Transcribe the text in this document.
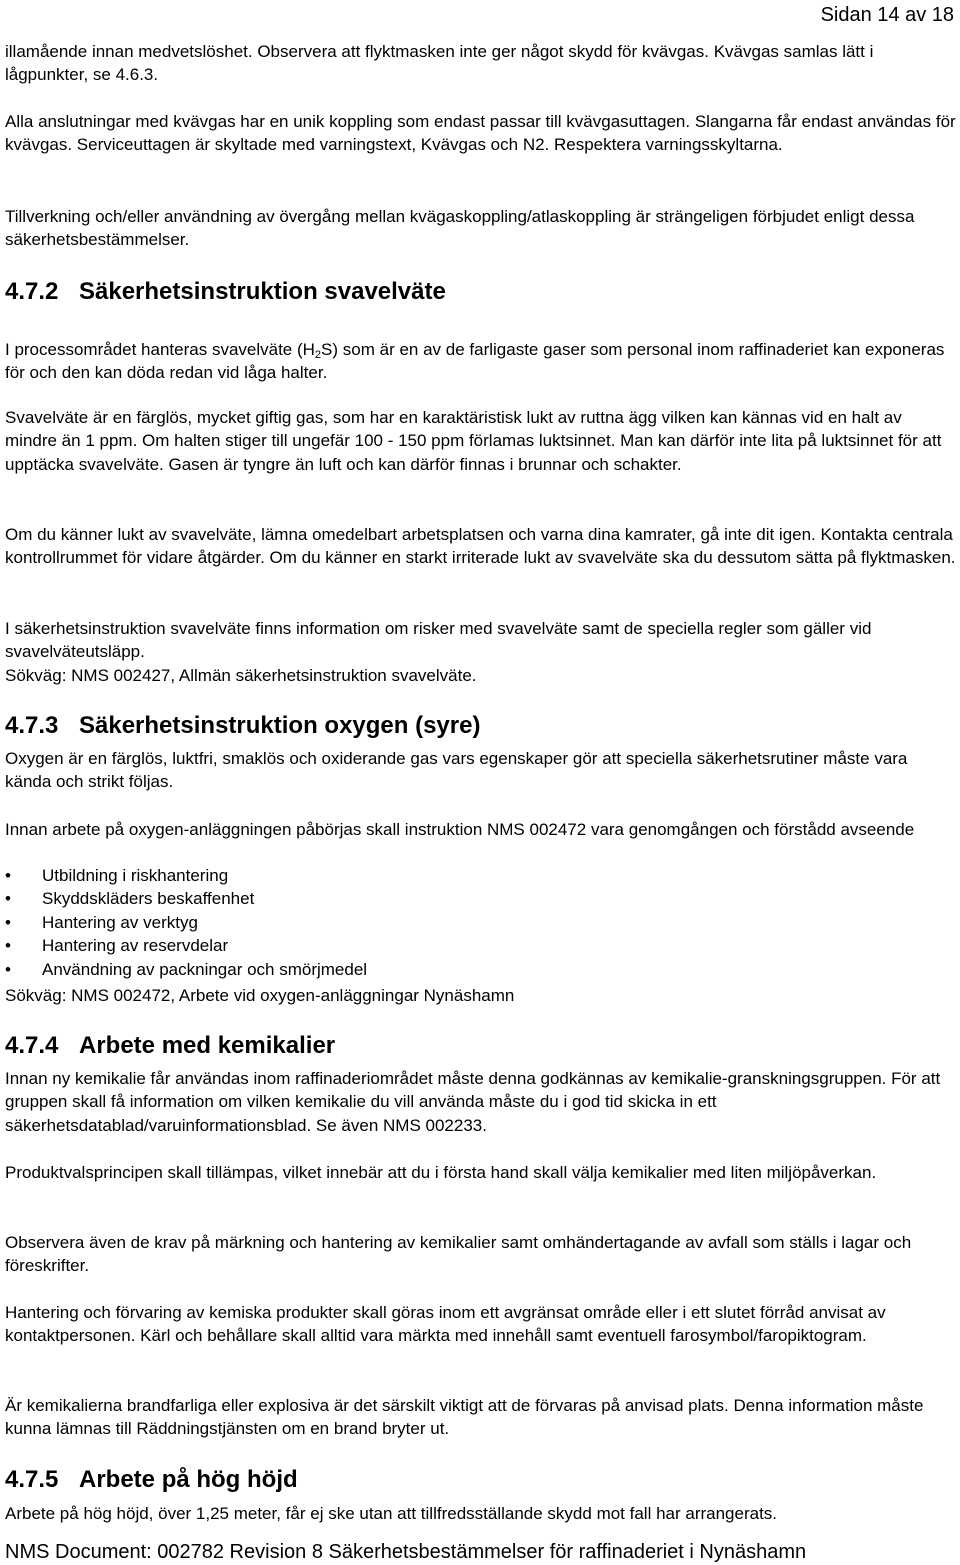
Sidan 14 av 18

illamående innan medvetslöshet. Observera att flyktmasken inte ger något skydd för kvävgas. Kvävgas samlas lätt i lågpunkter, se 4.6.3.

Alla anslutningar med kvävgas har en unik koppling som endast passar till kvävgasuttagen. Slangarna får endast användas för kvävgas. Serviceuttagen är skyltade med varningstext, Kvävgas och N2. Respektera varningsskyltarna.

Tillverkning och/eller användning av övergång mellan kvägaskoppling/atlaskoppling är strängeligen förbjudet enligt dessa säkerhetsbestämmelser.

4.7.2 Säkerhetsinstruktion svavelväte

I processområdet hanteras svavelväte $(H_2S)$ som är en av de farligaste gaser som personal inom raffinaderiet kan exponeras för och den kan döda redan vid låga halter.

Svavelväte är en färglös, mycket giftig gas, som har en karaktäristisk lukt av ruttna ägg vilken kan kännas vid en halt av mindre än 1 ppm. Om halten stiger till ungefär 100 - 150 ppm förlamas luktsinnet. Man kan därför inte lita på luktsinnet för att upptäcka svavelväte. Gasen är tyngre än luft och kan därför finnas i brunnar och schakter.

Om du känner lukt av svavelväte, lämna omedelbart arbetsplatsen och varna dina kamrater, gå inte dit igen. Kontakta centrala kontrollrummet för vidare åtgärder. Om du känner en starkt irriterade lukt av svavelväte ska du dessutom sätta på flyktmasken.

I säkerhetsinstruktion svavelväte finns information om risker med svavelväte samt de speciella regler som gäller vid svavelväteutsläpp.

Sökväg: NMS 002427, Allmän säkerhetsinstruktion svavelväte.

4.7.3 Säkerhetsinstruktion oxygen (syre)

Oxygen är en färglös, luktfri, smaklös och oxiderande gas vars egenskaper gör att speciella säkerhetsrutiner måste vara kända och strikt följas.

Innan arbete på oxygen-anläggningen påbörjas skall instruktion NMS 002472 vara genomgången och förstådd avseende

• Utbildning i riskhantering
• Skyddskläders beskaffenhet
• Hantering av verktyg
• Hantering av reservdelar
• Användning av packningar och smörjmedel

Sökväg: NMS 002472, Arbete vid oxygen-anläggningar Nynäshamn

4.7.4 Arbete med kemikalier

Innan ny kemikalie får användas inom raffinaderiområdet måste denna godkännas av kemikalie-granskningsgruppen. För att gruppen skall få information om vilken kemikalie du vill använda måste du i god tid skicka in ett säkerhetsdatablad/varuinformationsblad. Se även NMS 002233.

Produktvalsprincipen skall tillämpas, vilket innebär att du i första hand skall välja kemikalier med liten miljöpåverkan.

Observera även de krav på märkning och hantering av kemikalier samt omhändertagande av avfall som ställs i lagar och föreskrifter.

Hantering och förvaring av kemiska produkter skall göras inom ett avgränsat område eller i ett slutet förråd anvisat av kontaktpersonen. Kärl och behållare skall alltid vara märkta med innehåll samt eventuell farosymbol/faropiktogram.

Är kemikalierna brandfarliga eller explosiva är det särskilt viktigt att de förvaras på anvisad plats. Denna information måste kunna lämnas till Räddningstjänsten om en brand bryter ut.

4.7.5 Arbete på hög höjd

Arbete på hög höjd, över 1,25 meter, får ej ske utan att tillfredsställande skydd mot fall har arrangerats.

NMS Document: 002782 Revision 8 Säkerhetsbestämmelser för raffinaderiet i Nynäshamn
